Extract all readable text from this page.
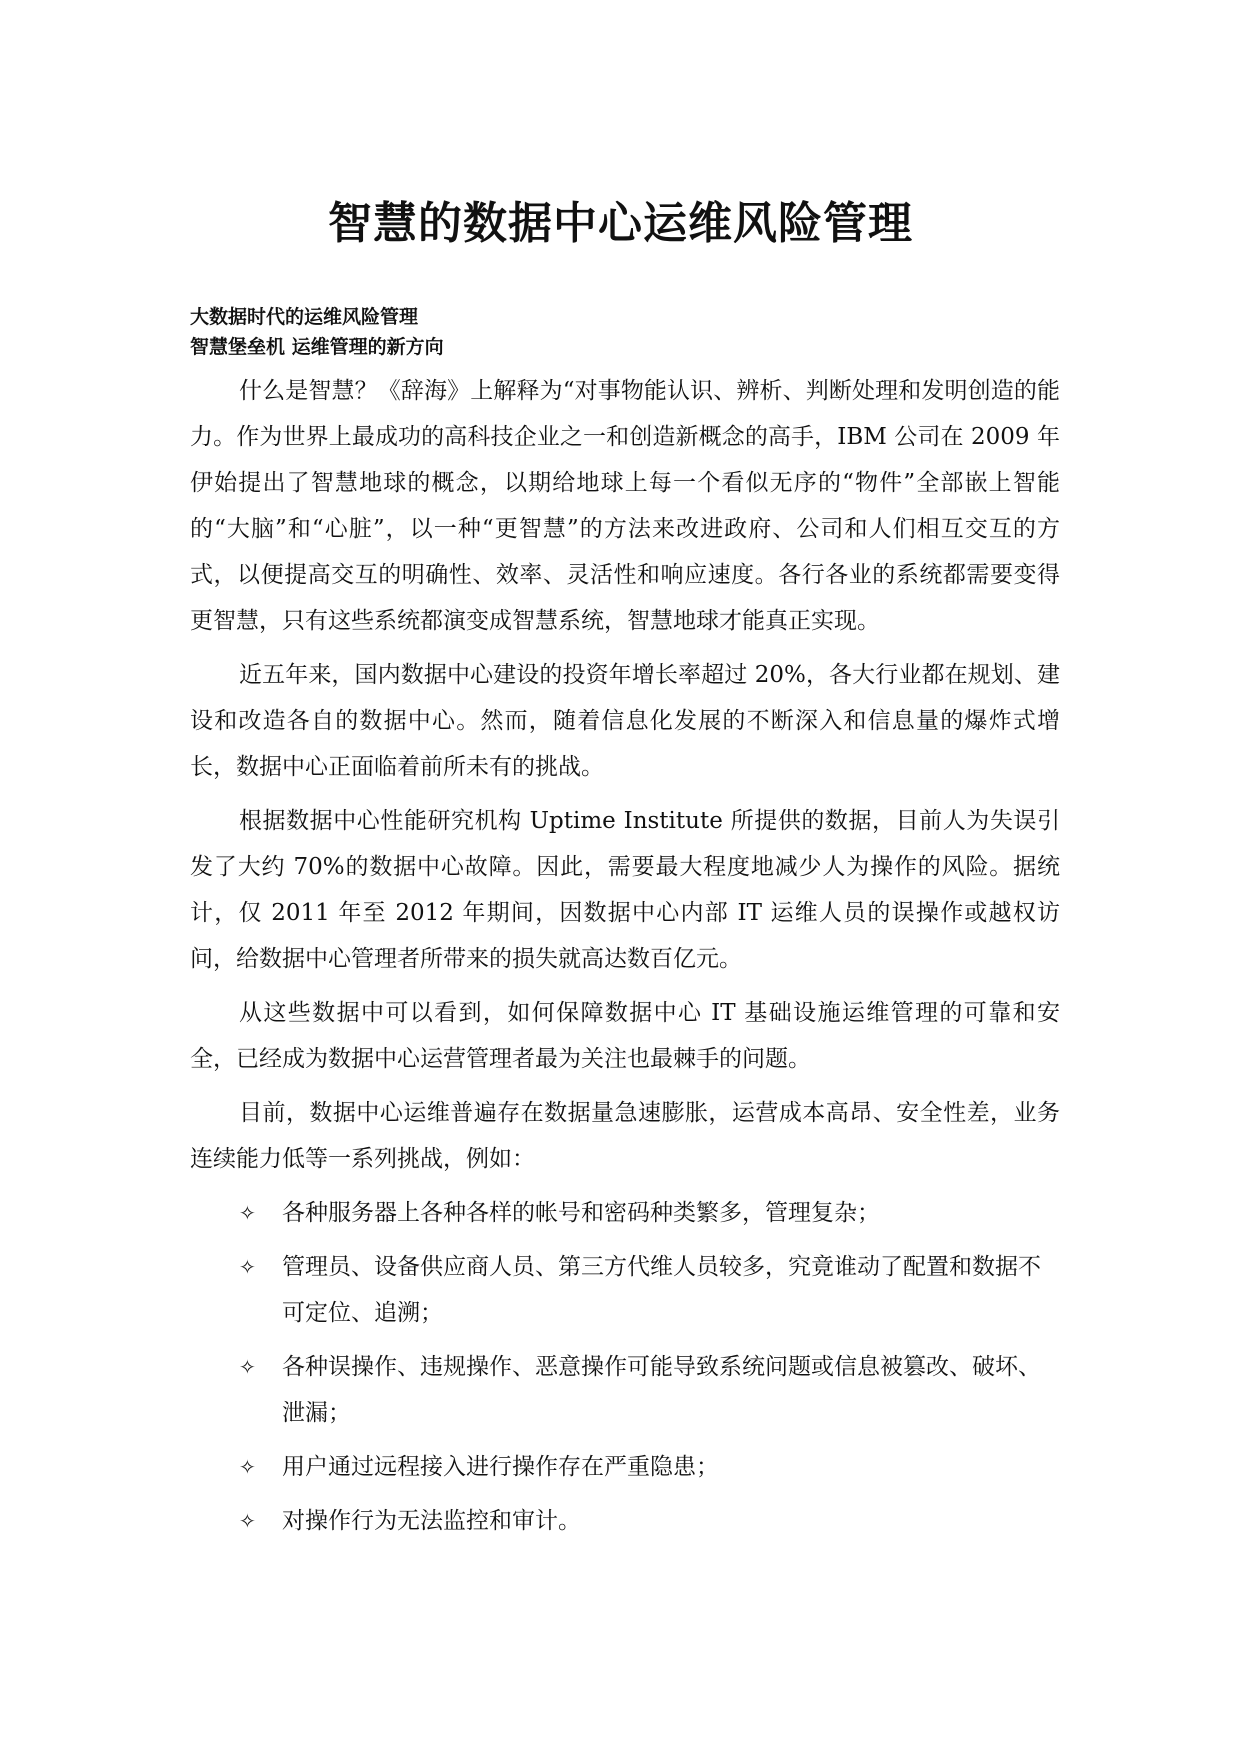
智慧的数据中心运维风险管理

大数据时代的运维风险管理

智慧堡垒机 运维管理的新方向

什么是智慧？《辞海》上解释为“对事物能认识、辨析、判断处理和发明创造的能力。作为世界上最成功的高科技企业之一和创造新概念的高手，IBM 公司在 2009 年伊始提出了智慧地球的概念，以期给地球上每一个看似无序的“物件”全部嵌上智能的“大脑”和“心脏”，以一种“更智慧”的方法来改进政府、公司和人们相互交互的方式，以便提高交互的明确性、效率、灵活性和响应速度。各行各业的系统都需要变得更智慧，只有这些系统都演变成智慧系统，智慧地球才能真正实现。

近五年来，国内数据中心建设的投资年增长率超过 20%，各大行业都在规划、建设和改造各自的数据中心。然而，随着信息化发展的不断深入和信息量的爆炸式增长，数据中心正面临着前所未有的挑战。

根据数据中心性能研究机构 Uptime Institute 所提供的数据，目前人为失误引发了大约 70%的数据中心故障。因此，需要最大程度地减少人为操作的风险。据统计，仅 2011 年至 2012 年期间，因数据中心内部 IT 运维人员的误操作或越权访问，给数据中心管理者所带来的损失就高达数百亿元。

从这些数据中可以看到，如何保障数据中心 IT 基础设施运维管理的可靠和安全，已经成为数据中心运营管理者最为关注也最棘手的问题。

目前，数据中心运维普遍存在数据量急速膨胀，运营成本高昂、安全性差，业务连续能力低等一系列挑战，例如：

✧ 各种服务器上各种各样的帐号和密码种类繁多，管理复杂；
✧ 管理员、设备供应商人员、第三方代维人员较多，究竟谁动了配置和数据不可定位、追溯；
✧ 各种误操作、违规操作、恶意操作可能导致系统问题或信息被篡改、破坏、泄漏；
✧ 用户通过远程接入进行操作存在严重隐患；
✧ 对操作行为无法监控和审计。
